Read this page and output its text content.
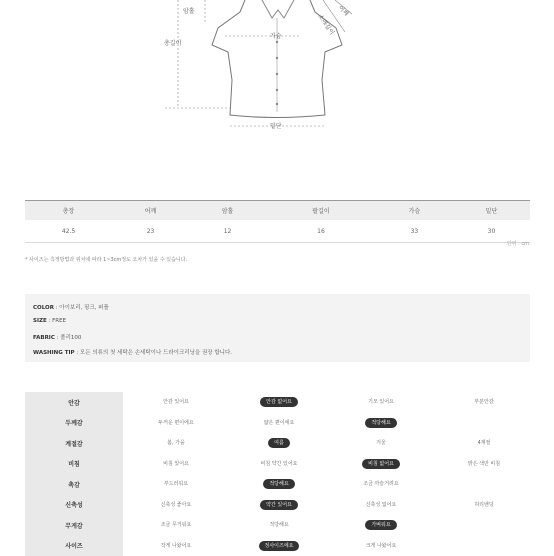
암홀
총길이
가슴
밑단
어깨
소매길이
총장	어깨	암홀	팔길이	가슴	밑단
42.5	23	12	16	33	30
단위 : cm
* 사이즈는 측정방법과 위치에 따라 1~3cm정도 오차가 있을 수 있습니다.
COLOR : 아이보리, 핑크, 퍼플
SIZE : FREE
FABRIC : 폴리100
WASHING TIP : 모든 의류의 첫 세탁은 손세탁이나 드라이크리닝을 권장 합니다.
안감	안감 있어요	안감 없어요	기모 있어요	부분안감
두께감	두꺼운 편이에요	얇은 편이에요	적당해요
계절감	봄, 가을	여름	겨울	4계절
비침	비침 있어요	비침 약간 있어요	비침 없어요	밝은 색만 비침
촉감	부드러워요	적당해요	조금 까슬거려요
신축성	신축성 좋아요	약간 있어요	신축성 없어요	허리밴딩
무게감	조금 무거워요	적당해요	가벼워요
사이즈	작게 나왔어요	정사이즈에요	크게 나왔어요
